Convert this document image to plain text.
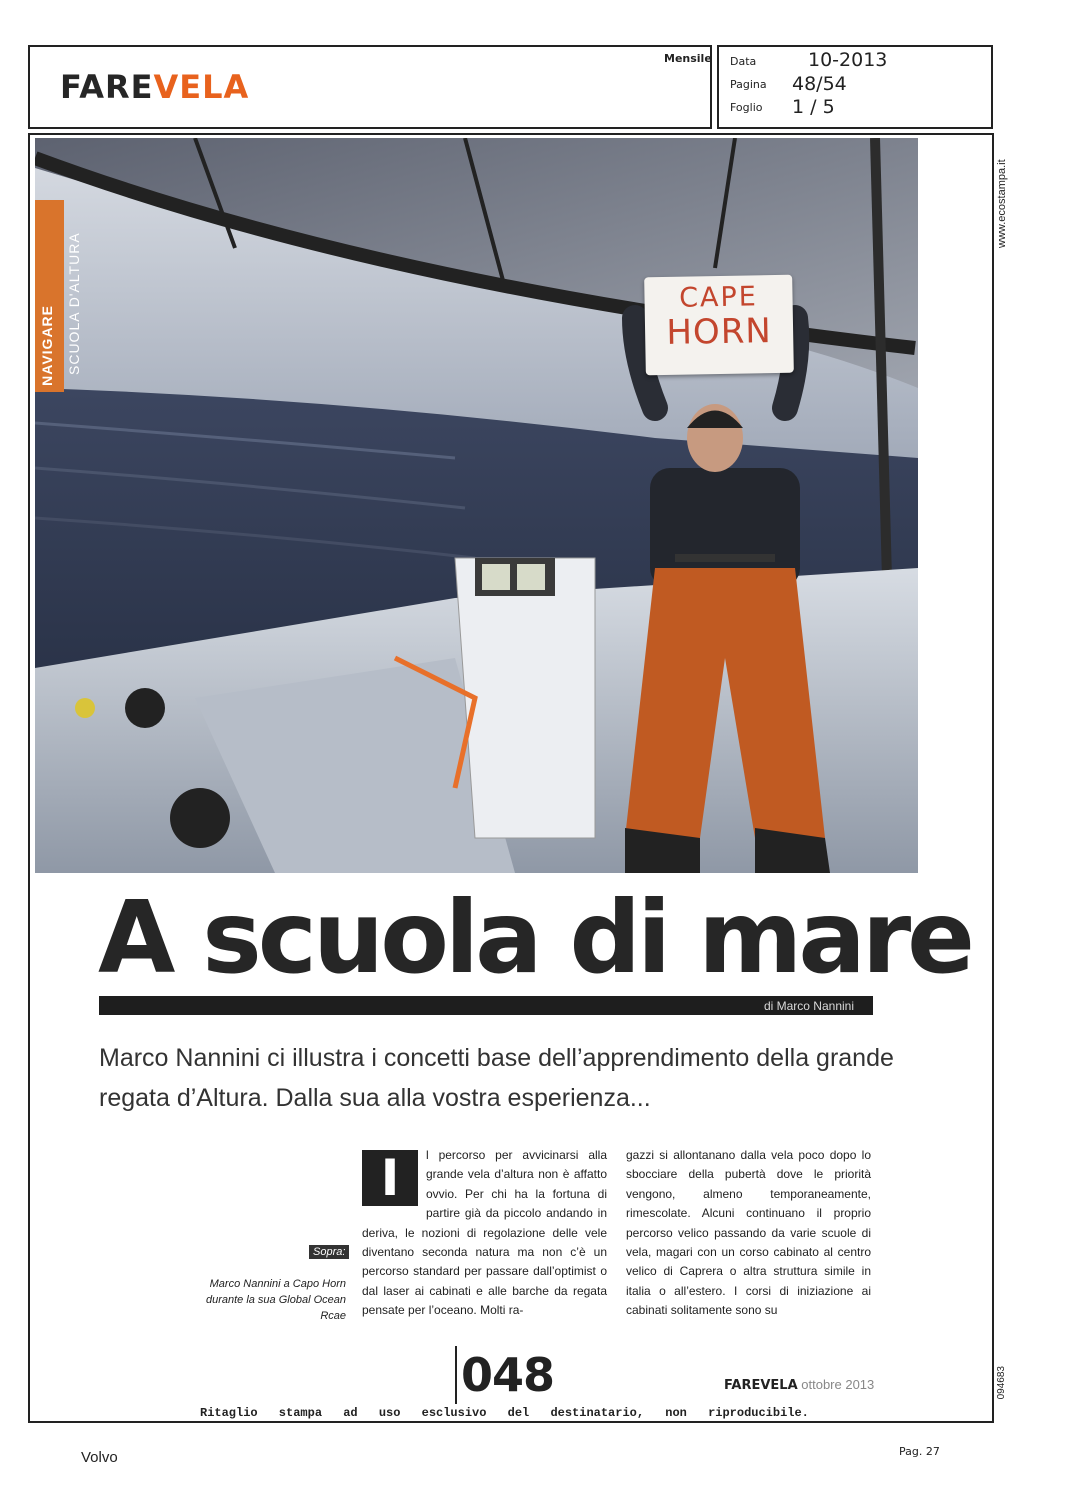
FAREVELA
Mensile Data	10-2013
Pagina 48/54
Foglio 1 / 5
NAVIGARE SCUOLA D'ALTURA	CAPE
HORN
www.ecostampa.it
094683
A scuola di mare
di Marco Nannini
Marco Nannini ci illustra i concetti base dell’apprendimento della grande regata d’Altura. Dalla sua alla vostra esperienza...
I	l percorso per avvicinarsi alla grande vela d’altura non è affatto ovvio. Per chi ha la fortuna di partire già da piccolo andando in deriva, le nozioni di regolazione delle vele diventano seconda natura ma non c’è un percorso standard per passare dall’optimist o dal laser ai cabinati e alle barche da regata pensate per l’oceano. Molti ra-
gazzi si allontanano dalla vela poco dopo lo sbocciare della pubertà dove le priorità vengono, almeno temporaneamente, rimescolate. Alcuni continuano il proprio percorso velico passando da varie scuole di vela, magari con un corso cabinato al centro velico di Caprera o altra struttura simile in italia o all’estero. I corsi di iniziazione ai cabinati solitamente sono su
Sopra:
Marco Nannini a Capo Horn durante la sua Global Ocean Rcae
048	FAREVELA ottobre 2013
Ritaglio stampa ad uso esclusivo del destinatario, non riproducibile.
Volvo	Pag. 27
